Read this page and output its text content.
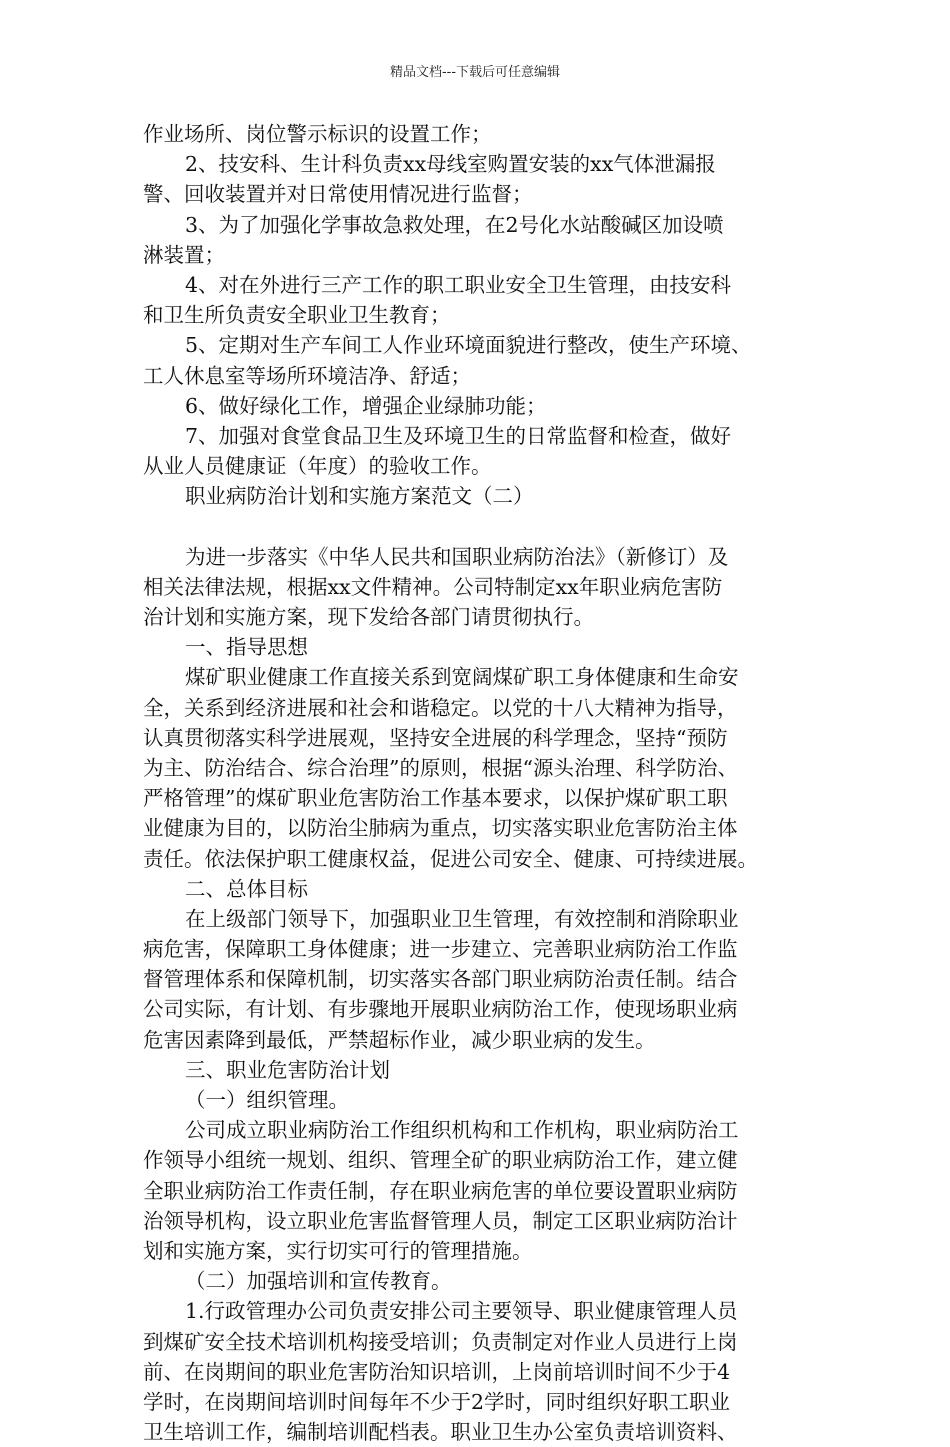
精品文档---下载后可任意编辑
作业场所、岗位警示标识的设置工作；
2、技安科、生计科负责xx母线室购置安装的xx气体泄漏报
警、回收装置并对日常使用情况进行监督；
3、为了加强化学事故急救处理，在2号化水站酸碱区加设喷
淋装置；
4、对在外进行三产工作的职工职业安全卫生管理，由技安科
和卫生所负责安全职业卫生教育；
5、定期对生产车间工人作业环境面貌进行整改，使生产环境、
工人休息室等场所环境洁净、舒适；
6、做好绿化工作，增强企业绿肺功能；
7、加强对食堂食品卫生及环境卫生的日常监督和检查，做好
从业人员健康证（年度）的验收工作。
职业病防治计划和实施方案范文（二）
为进一步落实《中华人民共和国职业病防治法》（新修订）及
相关法律法规，根据xx文件精神。公司特制定xx年职业病危害防
治计划和实施方案，现下发给各部门请贯彻执行。
一、指导思想
煤矿职业健康工作直接关系到宽阔煤矿职工身体健康和生命安
全，关系到经济进展和社会和谐稳定。以党的十八大精神为指导，
认真贯彻落实科学进展观，坚持安全进展的科学理念，坚持“预防
为主、防治结合、综合治理”的原则，根据“源头治理、科学防治、
严格管理”的煤矿职业危害防治工作基本要求，以保护煤矿职工职
业健康为目的，以防治尘肺病为重点，切实落实职业危害防治主体
责任。依法保护职工健康权益，促进公司安全、健康、可持续进展。
二、总体目标
在上级部门领导下，加强职业卫生管理，有效控制和消除职业
病危害，保障职工身体健康；进一步建立、完善职业病防治工作监
督管理体系和保障机制，切实落实各部门职业病防治责任制。结合
公司实际，有计划、有步骤地开展职业病防治工作，使现场职业病
危害因素降到最低，严禁超标作业，减少职业病的发生。
三、职业危害防治计划
（一）组织管理。
公司成立职业病防治工作组织机构和工作机构，职业病防治工
作领导小组统一规划、组织、管理全矿的职业病防治工作，建立健
全职业病防治工作责任制，存在职业病危害的单位要设置职业病防
治领导机构，设立职业危害监督管理人员，制定工区职业病防治计
划和实施方案，实行切实可行的管理措施。
（二）加强培训和宣传教育。
1.行政管理办公司负责安排公司主要领导、职业健康管理人员
到煤矿安全技术培训机构接受培训；负责制定对作业人员进行上岗
前、在岗期间的职业危害防治知识培训，上岗前培训时间不少于4
学时，在岗期间培训时间每年不少于2学时，同时组织好职工职业
卫生培训工作，编制培训配档表。职业卫生办公室负责培训资料、
